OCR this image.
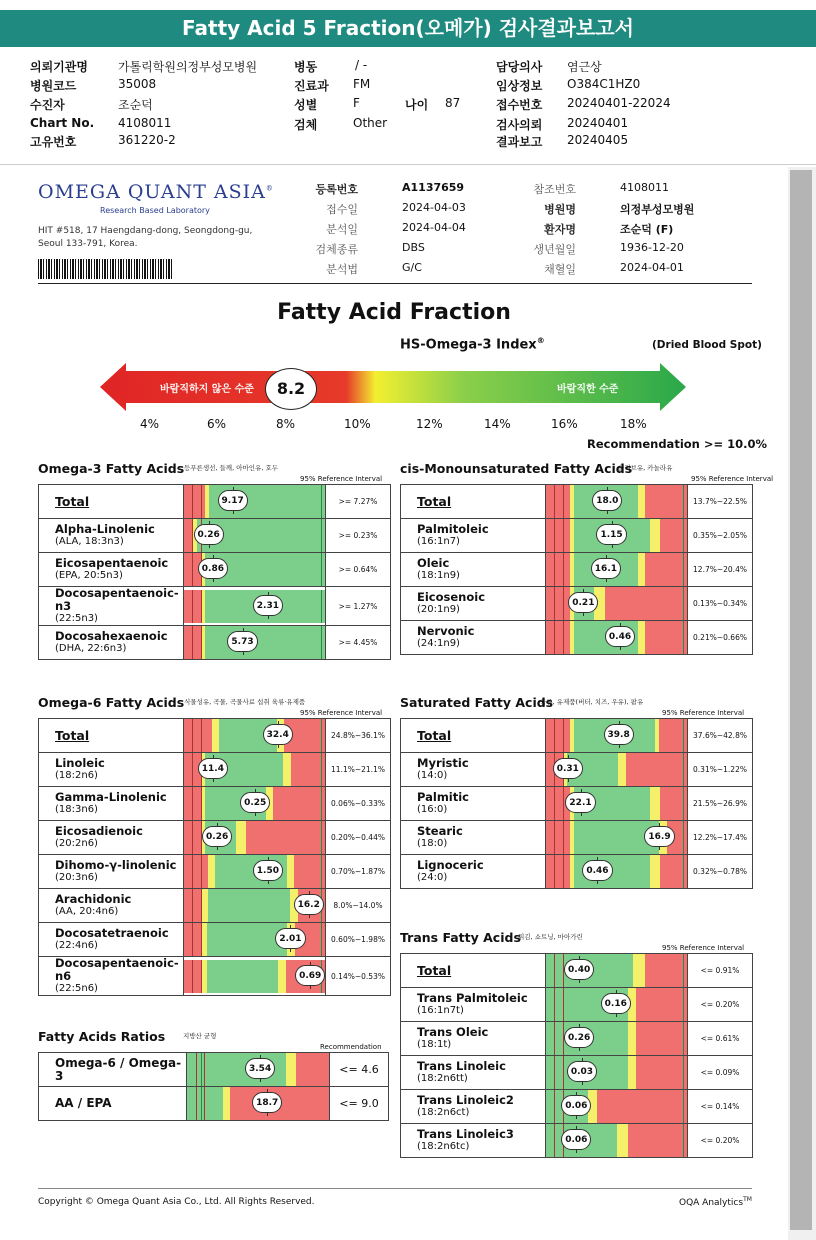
Fatty Acid 5 Fraction(오메가) 검사결과보고서
의뢰기관명	가톨릭학원의정부성모병원
병원코드	35008
수진자	조순덕
Chart No. 4108011
고유번호	361220-2
병동	/ -
진료과 FM
성별	F	나이 87
검체	Other
담당의사 염근상
임상정보 O384C1HZ0
접수번호 20240401-22024
검사의뢰 20240401
결과보고 20240405
OMEGA QUANT ASIA®
Research Based Laboratory
HIT #518, 17 Haengdang-dong, Seongdong-gu,
Seoul 133-791, Korea.
등록번호	A1137659
접수일	2024-04-03
분석일	2024-04-04
검체종류	DBS
분석법	G/C
참조번호	4108011
병원명	의정부성모병원
환자명	조순덕 (F)
생년월일	1936-12-20
채혈일	2024-04-01
Fatty Acid Fraction
HS-Omega-3 Index®	(Dried Blood Spot)
바람직하지 않은 수준	바람직한 수준
8.2
4%	6%	8%	10%	12%	14%	16%	18%
Recommendation >= 10.0%
Omega-3 Fatty Acids 등푸른생선, 들깨, 아마인유, 호두
95% Reference Interval
Total	9.17	>= 7.27%

Alpha-Linolenic
(ALA, 18:3n3)	0.26	>= 0.23%

Eicosapentaenoic
(EPA, 20:5n3)	0.86	>= 0.64%

Docosapentaenoic-n3
(22:5n3)	2.31	>= 1.27%

Docosahexaenoic
(DHA, 22:6n3)	5.73	>= 4.45%
cis-Monounsaturated Fatty Acids
올리브유, 카놀라유
95% Reference Interval
Total	18.0	13.7%~22.5%

Palmitoleic
(16:1n7)	1.15	0.35%~2.05%

Oleic
(18:1n9)	16.1	12.7%~20.4%

Eicosenoic
(20:1n9)	0.21	0.13%~0.34%

Nervonic
(24:1n9)	0.46	0.21%~0.66%
Omega-6 Fatty Acids 식물성유, 곡물, 곡물사료 섭취 육류·유제품
95% Reference Interval
Total	32.4	24.8%~36.1%

Linoleic
(18:2n6)	11.4	11.1%~21.1%

Gamma-Linolenic
(18:3n6)	0.25	0.06%~0.33%

Eicosadienoic
(20:2n6)	0.26	0.20%~0.44%

Dihomo-γ-linolenic
(20:3n6)	1.50	0.70%~1.87%

Arachidonic
(AA, 20:4n6)	16.2	8.0%~14.0%

Docosatetraenoic
(22:4n6)	2.01	0.60%~1.98%

Docosapentaenoic-n6
(22:5n6)	0.69	0.14%~0.53%
Saturated Fatty Acids
육류, 유제품(버터, 치즈, 우유), 팜유
95% Reference Interval
Total	39.8	37.6%~42.8%

Myristic
(14:0)	0.31	0.31%~1.22%

Palmitic
(16:0)	22.1	21.5%~26.9%

Stearic
(18:0)	16.9	12.2%~17.4%

Lignoceric
(24:0)	0.46	0.32%~0.78%
Trans Fatty Acids
튀김, 쇼트닝, 마아가린
95% Reference Interval
Total	0.40	<= 0.91%

Trans Palmitoleic
(16:1n7t)	0.16	<= 0.20%

Trans Oleic
(18:1t)	0.26	<= 0.61%

Trans Linoleic
(18:2n6tt)	0.03	<= 0.09%

Trans Linoleic2
(18:2n6ct)	0.06	<= 0.14%

Trans Linoleic3
(18:2n6tc)	0.06	<= 0.20%
Fatty Acids Ratios	지방산 균형
Recommendation
Omega-6 / Omega-3	3.54	<= 4.6

AA / EPA	18.7	<= 9.0
Copyright © Omega Quant Asia Co., Ltd. All Rights Reserved.	OQA Analytics™
